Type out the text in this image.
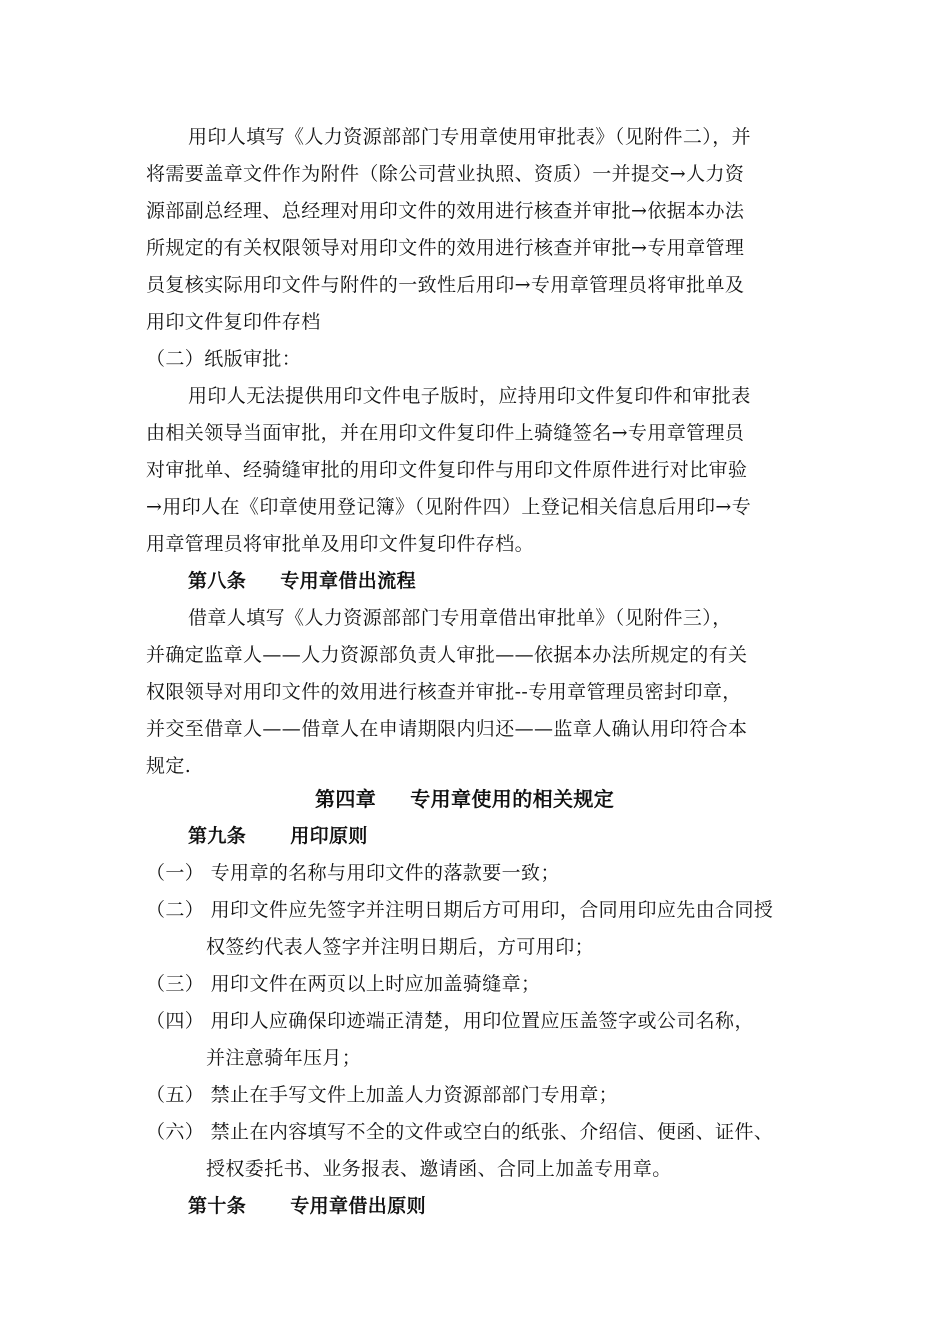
用印人填写《人力资源部部门专用章使用审批表》（见附件二），并
将需要盖章文件作为附件（除公司营业执照、资质）一并提交→人力资
源部副总经理、总经理对用印文件的效用进行核查并审批→依据本办法
所规定的有关权限领导对用印文件的效用进行核查并审批→专用章管理
员复核实际用印文件与附件的一致性后用印→专用章管理员将审批单及
用印文件复印件存档
（二）纸版审批：
用印人无法提供用印文件电子版时，应持用印文件复印件和审批表
由相关领导当面审批，并在用印文件复印件上骑缝签名→专用章管理员
对审批单、经骑缝审批的用印文件复印件与用印文件原件进行对比审验
→用印人在《印章使用登记簿》（见附件四）上登记相关信息后用印→专
用章管理员将审批单及用印文件复印件存档。
第八条 专用章借出流程
借章人填写《人力资源部部门专用章借出审批单》（见附件三），
并确定监章人——人力资源部负责人审批——依据本办法所规定的有关
权限领导对用印文件的效用进行核查并审批--专用章管理员密封印章，
并交至借章人——借章人在申请期限内归还——监章人确认用印符合本
规定.
第四章 专用章使用的相关规定
第九条 用印原则
（一） 专用章的名称与用印文件的落款要一致；
（二） 用印文件应先签字并注明日期后方可用印，合同用印应先由合同授
权签约代表人签字并注明日期后，方可用印；
（三） 用印文件在两页以上时应加盖骑缝章；
（四） 用印人应确保印迹端正清楚，用印位置应压盖签字或公司名称，
并注意骑年压月；
（五） 禁止在手写文件上加盖人力资源部部门专用章；
（六） 禁止在内容填写不全的文件或空白的纸张、介绍信、便函、证件、
授权委托书、业务报表、邀请函、合同上加盖专用章。
第十条 专用章借出原则
